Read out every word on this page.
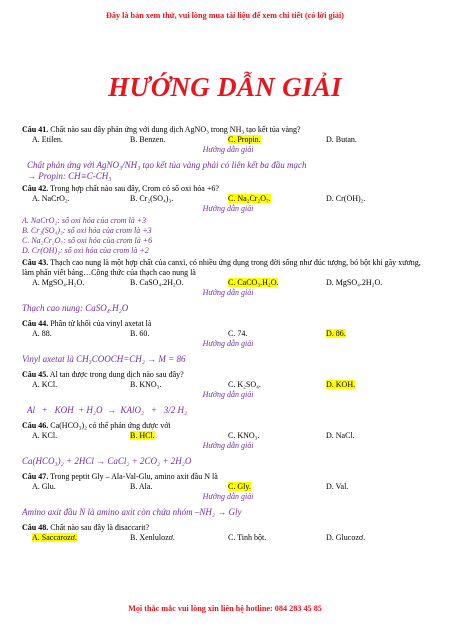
Đây là bản xem thử, vui lòng mua tài liệu để xem chi tiết (có lời giải)
HƯỚNG DẪN GIẢI

Câu 41. Chất nào sau đây phản ứng với dung dịch AgNO₃ trong NH₃ tạo kết tủa vàng?

A. Etilen.	B. Benzen.	C. Propin.	D. Butan.

Hướng dẫn giải

Chất phản ứng với AgNO₃/NH₃ tạo kết tủa vàng phải có liên kết ba đầu mạch

→ Propin: CH≡C-CH₃

Câu 42. Trong hợp chất nào sau đây, Crom có số oxi hóa +6?

A. NaCrO₂.	B. Cr₂(SO₄)₃.	C. Na₂Cr₂O₇.	D. Cr(OH)₂.

Hướng dẫn giải

A. NaCrO₂: số oxi hóa của crom là +3

B. Cr₂(SO₄)₃: số oxi hóa của crom là +3

C. Na₂Cr₂O₇: số oxi hóa của crom là +6

D. Cr(OH)₂: số oxi hóa của crom là +2

Câu 43. Thạch cao nung là một hợp chất của canxi, có nhiều ứng dụng trong đời sống như đúc tượng, bó bột khi gãy xương, làm phấn viết bảng…Công thức của thạch cao nung là

A. MgSO₄.H₂O.	B. CaSO₄.2H₂O.	C. CaCO₃.H₂O.	D. MgSO₄.2H₂O.

Hướng dẫn giải

Thạch cao nung: CaSO₄.H₂O

Câu 44. Phân tử khối của vinyl axetat là

A. 88.	B. 60.	C. 74.	D. 86.

Hướng dẫn giải

Vinyl axetat là CH₃COOCH=CH₂ → M = 86

Câu 45. Al tan được trong dung dịch nào sau đây?

A. KCl.	B. KNO₃.	C. K₂SO₄.	D. KOH.

Hướng dẫn giải

Al   +   KOH  + H₂O  →  KAlO₂   +   3/2 H₂

Câu 46. Ca(HCO₃)₂ có thể phản ứng được với

A. KCl.	B. HCl.	C. KNO₃.	D. NaCl.

Hướng dẫn giải

Ca(HCO₃)₂ + 2HCl → CaCl₂ + 2CO₂ + 2H₂O

Câu 47. Trong peptit Gly – Ala-Val-Glu, amino axit đầu N là

A. Glu.	B. Ala.	C. Gly.	D. Val.

Hướng dẫn giải

Amino axit đầu N là amino axit còn chứa nhóm –NH₂ → Gly

Câu 48. Chất nào sau đây là đisaccarit?

A. Saccarozơ.	B. Xenlulozơ.	C. Tinh bột.	D. Glucozơ.
Mọi thắc mắc vui lòng xin liên hệ hotline: 084 283 45 85
